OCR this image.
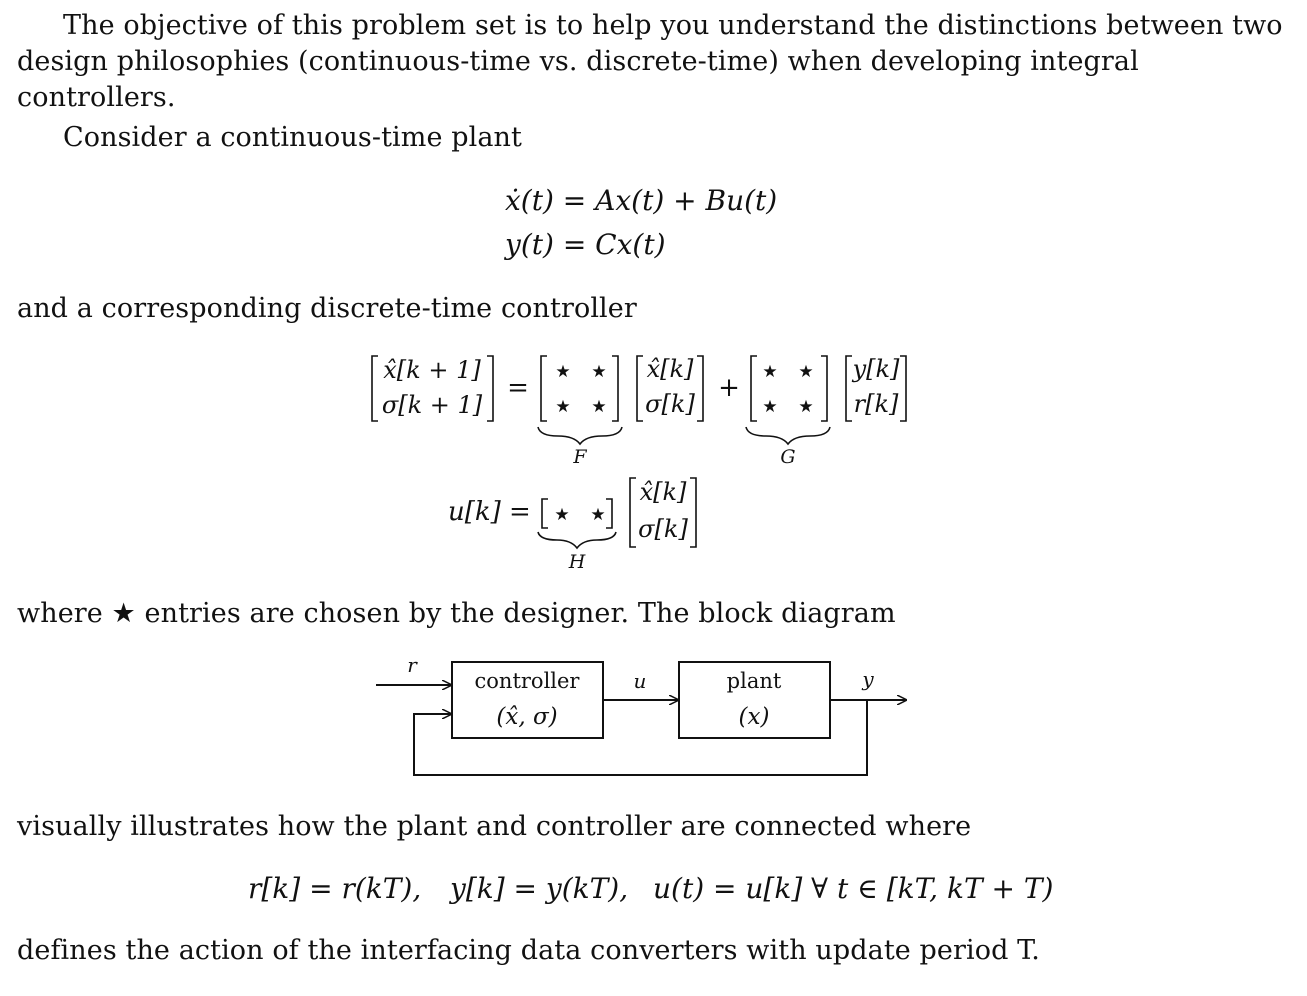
The objective of this problem set is to help you understand the distinctions between two design philosophies (continuous-time vs. discrete-time) when developing integral controllers.

Consider a continuous-time plant

ẋ(t) = Ax(t) + Bu(t)
y(t) = Cx(t)

and a corresponding discrete-time controller

x̂[k + 1]
σ[k + 1]
=
★ ★
★ ★
F
x̂[k]
σ[k]
+
★ ★
★ ★
G
y[k]
r[k]
u[k] = ★ ★
H
x̂[k]
σ[k]
r
controller
(x̂, σ)
u	plant
(x)
y

where ★ entries are chosen by the designer. The block diagram

visually illustrates how the plant and controller are connected where

r[k] = r(kT), y[k] = y(kT), u(t) = u[k] ∀ t ∈ [kT, kT + T)

defines the action of the interfacing data converters with update period T.
